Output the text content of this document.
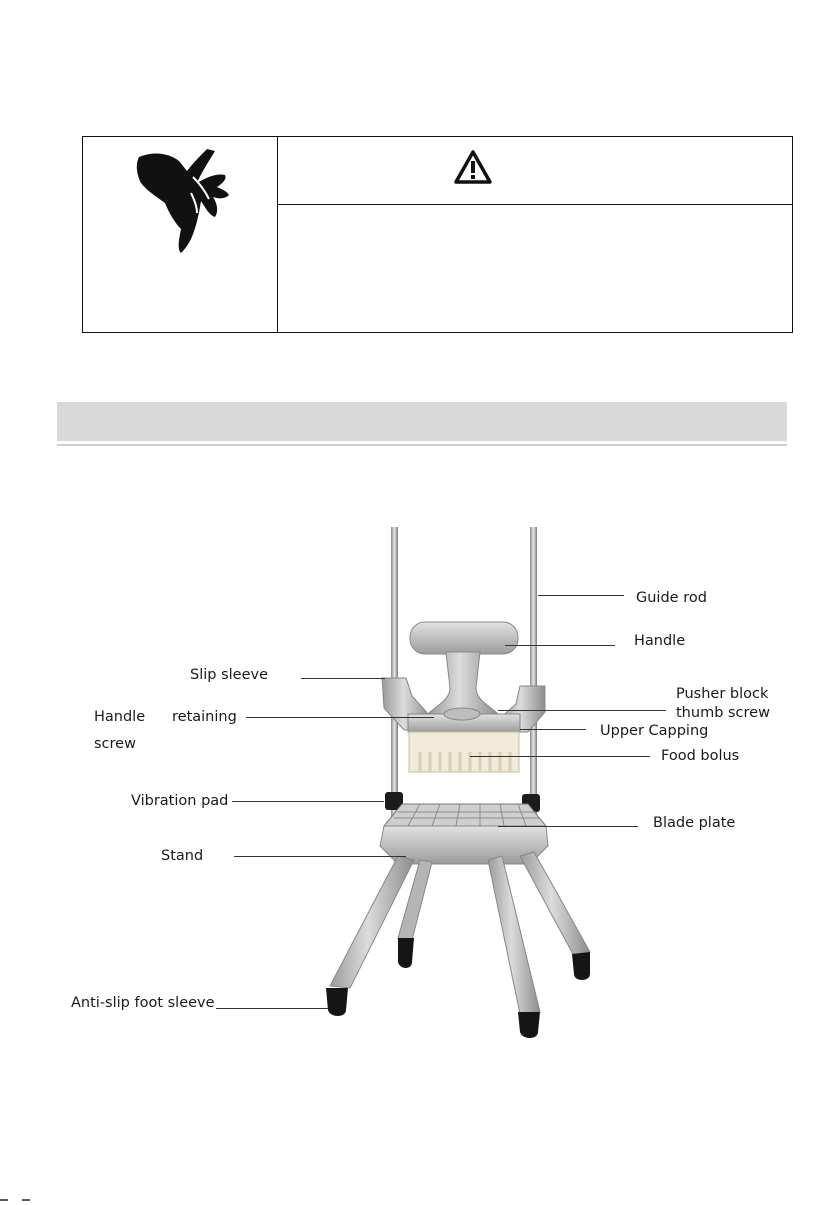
Guide rod
Handle
Slip sleeve
Pusher block
thumb screw
Handle retaining
screw
Upper Capping
Food bolus
Vibration pad
Blade plate
Stand
Anti-slip foot sleeve
